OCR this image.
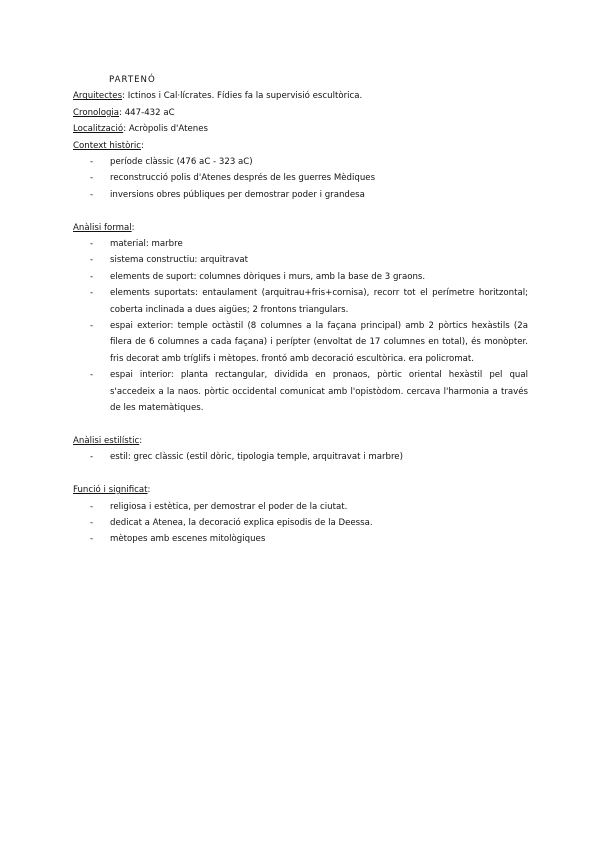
PARTENÓ
Arquitectes: Ictinos i Cal·lícrates. Fídies fa la supervisió escultòrica.
Cronologia: 447-432 aC
Localització: Acròpolis d'Atenes
Context històric:
- període clàssic (476 aC - 323 aC)
- reconstrucció polis d'Atenes després de les guerres Mèdiques
- inversions obres públiques per demostrar poder i grandesa
Anàlisi formal:
- material: marbre
- sistema constructiu: arquitravat
- elements de suport: columnes dòriques i murs, amb la base de 3 graons.
- elements suportats: entaulament (arquitrau+fris+cornisa), recorr tot el perímetre horitzontal; coberta inclinada a dues aigües; 2 frontons triangulars.
- espai exterior: temple octàstil (8 columnes a la façana principal) amb 2 pòrtics hexàstils (2a filera de 6 columnes a cada façana) i perípter (envoltat de 17 columnes en total), és monòpter. fris decorat amb tríglifs i mètopes. frontó amb decoració escultòrica. era policromat.
- espai interior: planta rectangular, dividida en pronaos, pòrtic oriental hexàstil pel qual s'accedeix a la naos. pòrtic occidental comunicat amb l'opistòdom. cercava l'harmonia a través de les matemàtiques.
Anàlisi estilístic:
- estil: grec clàssic (estil dòric, tipologia temple, arquitravat i marbre)
Funció i significat:
- religiosa i estètica, per demostrar el poder de la ciutat.
- dedicat a Atenea, la decoració explica episodis de la Deessa.
- mètopes amb escenes mitològiques
